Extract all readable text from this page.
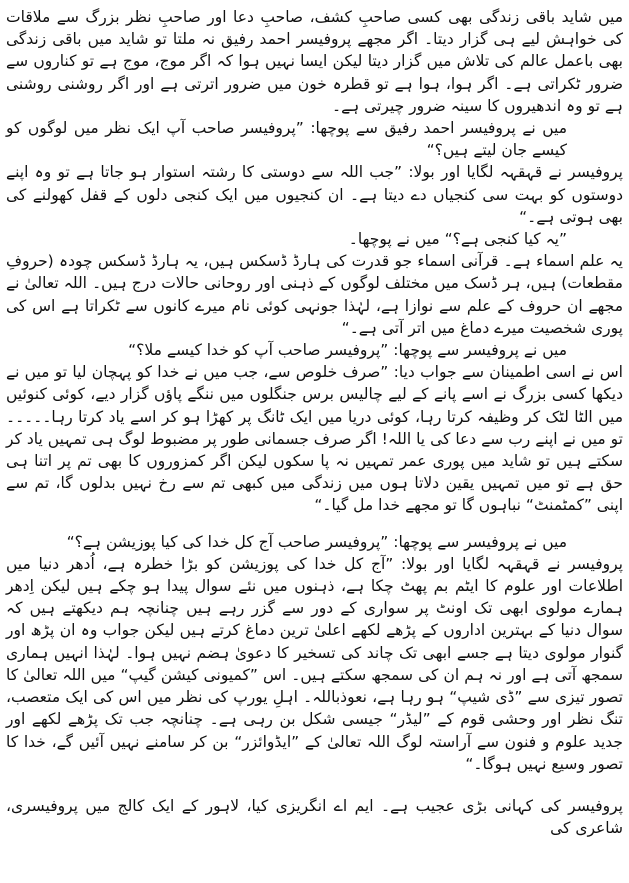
میں شاید باقی زندگی بھی کسی صاحبِ کشف، صاحبِ دعا اور صاحبِ نظر بزرگ سے ملاقات کی خواہش لیے ہی گزار دیتا۔ اگر مجھے پروفیسر احمد رفیق نہ ملتا تو شاید میں باقی زندگی بھی باعمل عالم کی تلاش میں گزار دیتا لیکن ایسا نہیں ہوا کہ اگر موج، موج ہے تو کناروں سے ضرور ٹکراتی ہے۔ اگر ہوا، ہوا ہے تو قطرہ خون میں ضرور اترتی ہے اور اگر روشنی روشنی ہے تو وہ اندھیروں کا سینہ ضرور چیرتی ہے۔

میں نے پروفیسر احمد رفیق سے پوچھا: ”پروفیسر صاحب آپ ایک نظر میں لوگوں کو کیسے جان لیتے ہیں؟“

پروفیسر نے قہقہہ لگایا اور بولا: ”جب اللہ سے دوستی کا رشتہ استوار ہو جاتا ہے تو وہ اپنے دوستوں کو بہت سی کنجیاں دے دیتا ہے۔ ان کنجیوں میں ایک کنجی دلوں کے قفل کھولنے کی بھی ہوتی ہے۔“

”یہ کیا کنجی ہے؟“ میں نے پوچھا۔

یہ علم اسماء ہے۔ قرآنی اسماء جو قدرت کی ہارڈ ڈسکس ہیں، یہ ہارڈ ڈسکس چودہ (حروفِ مقطعات) ہیں، ہر ڈسک میں مختلف لوگوں کے ذہنی اور روحانی حالات درج ہیں۔ اللہ تعالیٰ نے مجھے ان حروف کے علم سے نوازا ہے، لہٰذا جونہی کوئی نام میرے کانوں سے ٹکراتا ہے اس کی پوری شخصیت میرے دماغ میں اتر آتی ہے۔“

میں نے پروفیسر سے پوچھا: ”پروفیسر صاحب آپ کو خدا کیسے ملا؟“

اس نے اسی اطمینان سے جواب دیا: ”صرف خلوص سے، جب میں نے خدا کو پہچان لیا تو میں نے دیکھا کسی بزرگ نے اسے پانے کے لیے چالیس برس جنگلوں میں ننگے پاؤں گزار دیے، کوئی کنوئیں میں الٹا لٹک کر وظیفہ کرتا رہا، کوئی دریا میں ایک ٹانگ پر کھڑا ہو کر اسے یاد کرتا رہا۔۔۔۔۔ تو میں نے اپنے رب سے دعا کی یا اللہ! اگر صرف جسمانی طور پر مضبوط لوگ ہی تمہیں یاد کر سکتے ہیں تو شاید میں پوری عمر تمہیں نہ پا سکوں لیکن اگر کمزوروں کا بھی تم پر اتنا ہی حق ہے تو میں تمہیں یقین دلاتا ہوں میں زندگی میں کبھی تم سے رخ نہیں بدلوں گا، تم سے اپنی ”کمٹمنٹ“ نباہوں گا تو مجھے خدا مل گیا۔“

میں نے پروفیسر سے پوچھا: ”پروفیسر صاحب آج کل خدا کی کیا پوزیشن ہے؟“

پروفیسر نے قہقہہ لگایا اور بولا: ”آج کل خدا کی پوزیشن کو بڑا خطرہ ہے، اُدھر دنیا میں اطلاعات اور علوم کا ایٹم بم پھٹ چکا ہے، ذہنوں میں نئے سوال پیدا ہو چکے ہیں لیکن اِدھر ہمارے مولوی ابھی تک اونٹ پر سواری کے دور سے گزر رہے ہیں چنانچہ ہم دیکھتے ہیں کہ سوال دنیا کے بہترین اداروں کے پڑھے لکھے اعلیٰ ترین دماغ کرتے ہیں لیکن جواب وہ ان پڑھ اور گنوار مولوی دیتا ہے جسے ابھی تک چاند کی تسخیر کا دعویٰ ہضم نہیں ہوا۔ لہٰذا انہیں ہماری سمجھ آتی ہے اور نہ ہم ان کی سمجھ سکتے ہیں۔ اس ”کمیونی کیشن گیپ“ میں اللہ تعالیٰ کا تصور تیزی سے ”ڈی شیپ“ ہو رہا ہے، نعوذباللہ۔ اہلِ یورپ کی نظر میں اس کی ایک متعصب، تنگ نظر اور وحشی قوم کے ”لیڈر“ جیسی شکل بن رہی ہے۔ چنانچہ جب تک پڑھے لکھے اور جدید علوم و فنون سے آراستہ لوگ اللہ تعالیٰ کے ”ایڈوائزر“ بن کر سامنے نہیں آئیں گے، خدا کا تصور وسیع نہیں ہوگا۔“

پروفیسر کی کہانی بڑی عجیب ہے۔ ایم اے انگریزی کیا، لاہور کے ایک کالج میں پروفیسری، شاعری کی
